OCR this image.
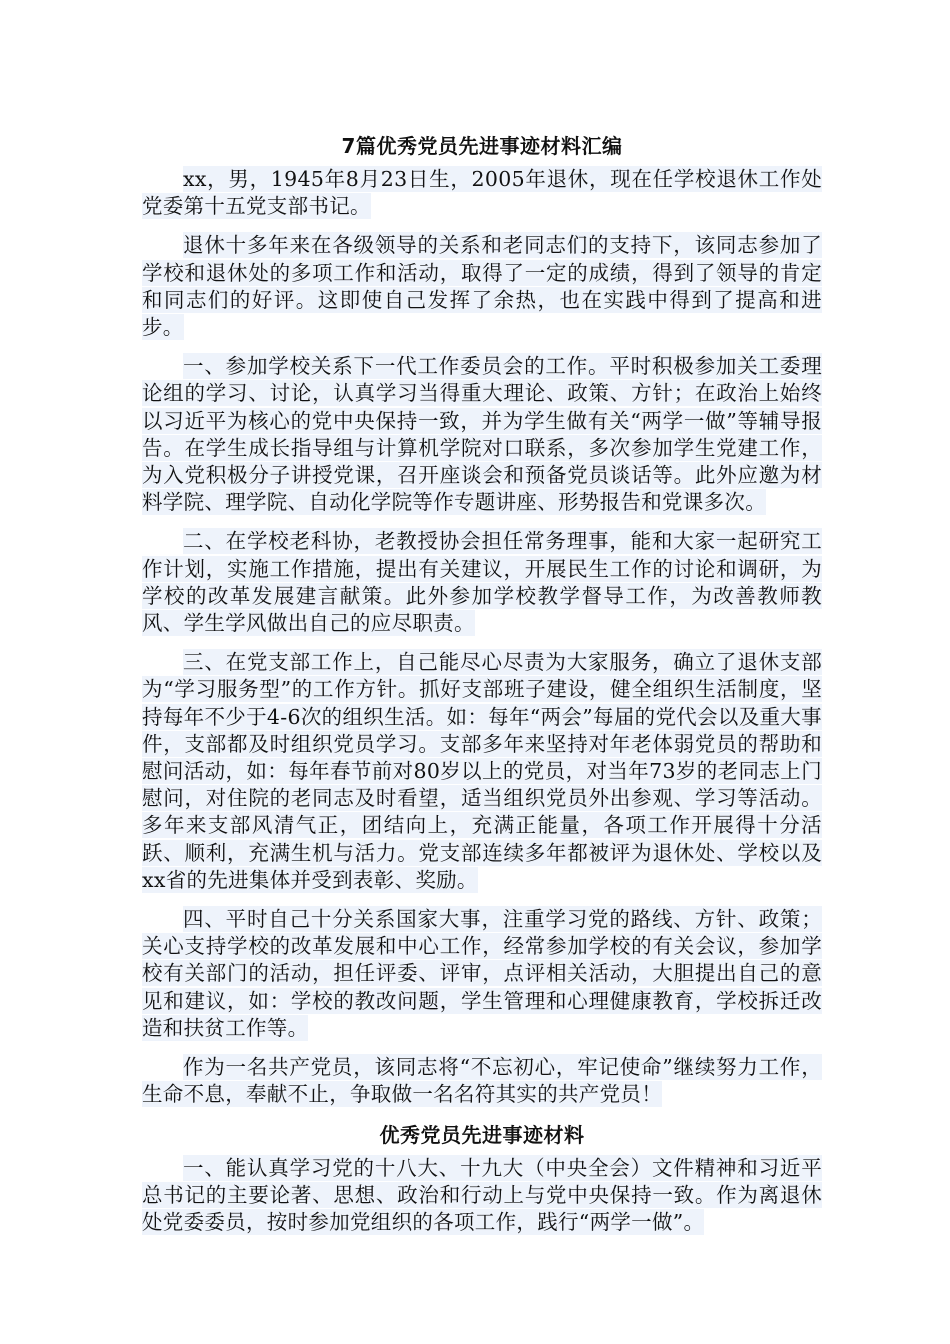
7篇优秀党员先进事迹材料汇编

xx，男，1945年8月23日生，2005年退休，现在任学校退休工作处党委第十五党支部书记。

退休十多年来在各级领导的关系和老同志们的支持下，该同志参加了学校和退休处的多项工作和活动，取得了一定的成绩，得到了领导的肯定和同志们的好评。这即使自己发挥了余热，也在实践中得到了提高和进步。

一、参加学校关系下一代工作委员会的工作。平时积极参加关工委理论组的学习、讨论，认真学习当得重大理论、政策、方针；在政治上始终以习近平为核心的党中央保持一致，并为学生做有关“两学一做”等辅导报告。在学生成长指导组与计算机学院对口联系，多次参加学生党建工作，为入党积极分子讲授党课，召开座谈会和预备党员谈话等。此外应邀为材料学院、理学院、自动化学院等作专题讲座、形势报告和党课多次。

二、在学校老科协，老教授协会担任常务理事，能和大家一起研究工作计划，实施工作措施，提出有关建议，开展民生工作的讨论和调研，为学校的改革发展建言献策。此外参加学校教学督导工作，为改善教师教风、学生学风做出自己的应尽职责。

三、在党支部工作上，自己能尽心尽责为大家服务，确立了退休支部为“学习服务型”的工作方针。抓好支部班子建设，健全组织生活制度，坚持每年不少于4-6次的组织生活。如：每年“两会”每届的党代会以及重大事件，支部都及时组织党员学习。支部多年来坚持对年老体弱党员的帮助和慰问活动，如：每年春节前对80岁以上的党员，对当年73岁的老同志上门慰问，对住院的老同志及时看望，适当组织党员外出参观、学习等活动。多年来支部风清气正，团结向上，充满正能量，各项工作开展得十分活跃、顺利，充满生机与活力。党支部连续多年都被评为退休处、学校以及xx省的先进集体并受到表彰、奖励。

四、平时自己十分关系国家大事，注重学习党的路线、方针、政策；关心支持学校的改革发展和中心工作，经常参加学校的有关会议，参加学校有关部门的活动，担任评委、评审，点评相关活动，大胆提出自己的意见和建议，如：学校的教改问题，学生管理和心理健康教育，学校拆迁改造和扶贫工作等。

作为一名共产党员，该同志将“不忘初心，牢记使命”继续努力工作，生命不息，奉献不止，争取做一名名符其实的共产党员！

优秀党员先进事迹材料

一、能认真学习党的十八大、十九大（中央全会）文件精神和习近平总书记的主要论著、思想、政治和行动上与党中央保持一致。作为离退休处党委委员，按时参加党组织的各项工作，践行“两学一做”。
